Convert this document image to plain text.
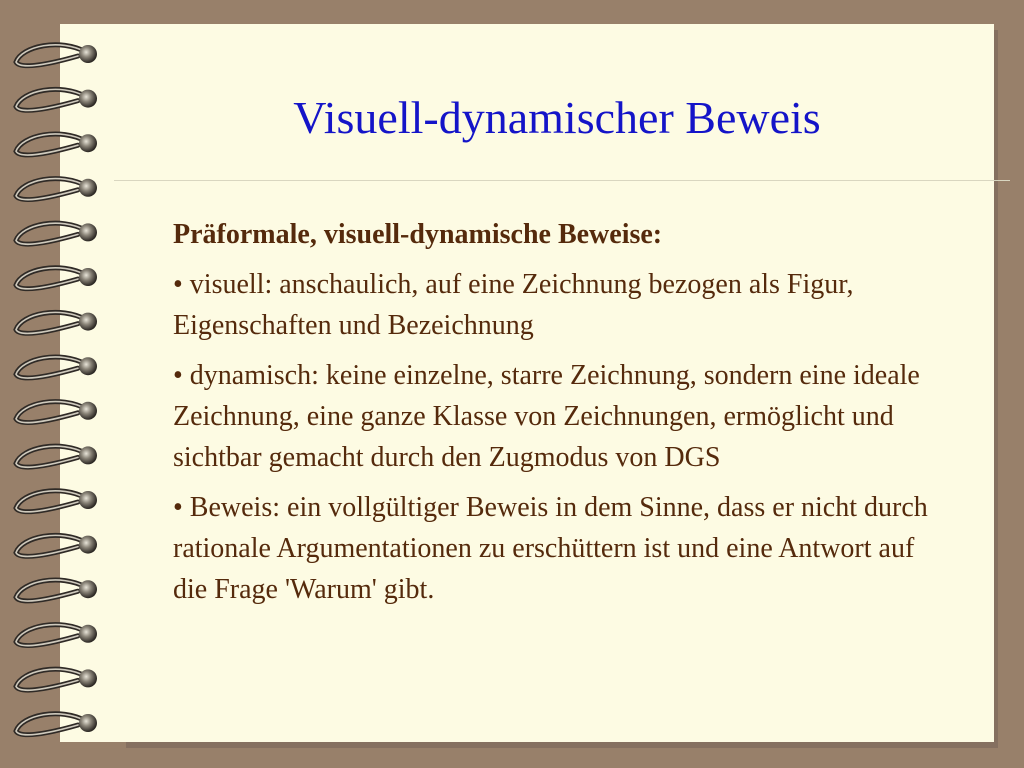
Visuell-dynamischer Beweis

Präformale, visuell-dynamische Beweise:

• visuell: anschaulich, auf eine Zeichnung bezogen als Figur, Eigenschaften und Bezeichnung

• dynamisch: keine einzelne, starre Zeichnung, sondern eine ideale Zeichnung, eine ganze Klasse von Zeichnungen, ermöglicht und sichtbar gemacht durch den Zugmodus von DGS

• Beweis: ein vollgültiger Beweis in dem Sinne, dass er nicht durch rationale Argumentationen zu erschüttern ist und eine Antwort auf die Frage 'Warum' gibt.
